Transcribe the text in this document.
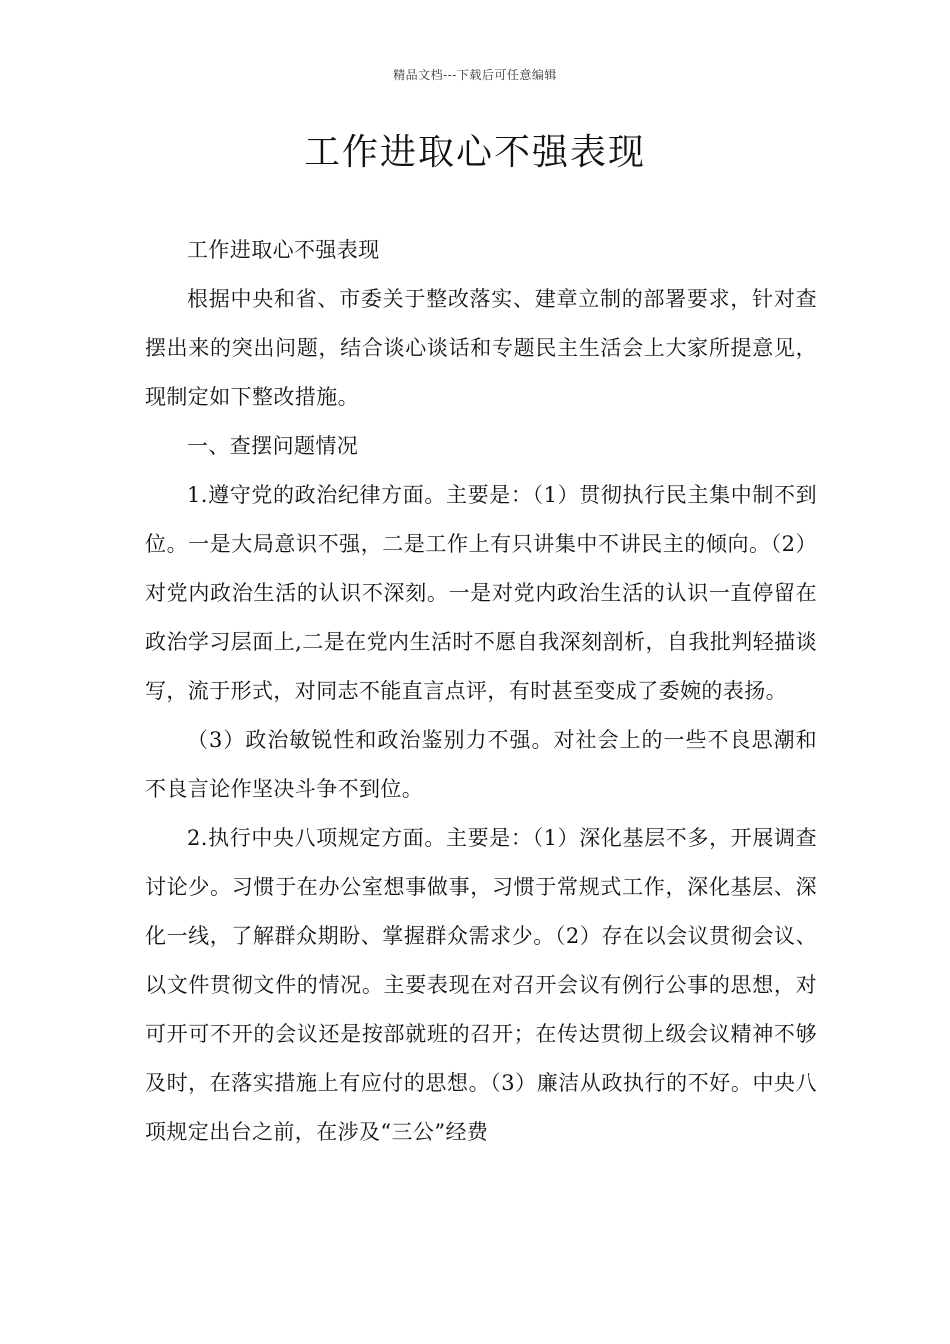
精品文档---下载后可任意编辑
工作进取心不强表现

工作进取心不强表现

根据中央和省、市委关于整改落实、建章立制的部署要求，针对查摆出来的突出问题，结合谈心谈话和专题民主生活会上大家所提意见，现制定如下整改措施。

一、查摆问题情况

1.遵守党的政治纪律方面。主要是：（1）贯彻执行民主集中制不到位。一是大局意识不强，二是工作上有只讲集中不讲民主的倾向。（2）对党内政治生活的认识不深刻。一是对党内政治生活的认识一直停留在政治学习层面上,二是在党内生活时不愿自我深刻剖析，自我批判轻描谈写，流于形式，对同志不能直言点评，有时甚至变成了委婉的表扬。

（3）政治敏锐性和政治鉴别力不强。对社会上的一些不良思潮和不良言论作坚决斗争不到位。

2.执行中央八项规定方面。主要是：（1）深化基层不多，开展调查讨论少。习惯于在办公室想事做事，习惯于常规式工作，深化基层、深化一线，了解群众期盼、掌握群众需求少。（2）存在以会议贯彻会议、以文件贯彻文件的情况。主要表现在对召开会议有例行公事的思想，对可开可不开的会议还是按部就班的召开；在传达贯彻上级会议精神不够及时，在落实措施上有应付的思想。（3）廉洁从政执行的不好。中央八项规定出台之前，在涉及“三公”经费
